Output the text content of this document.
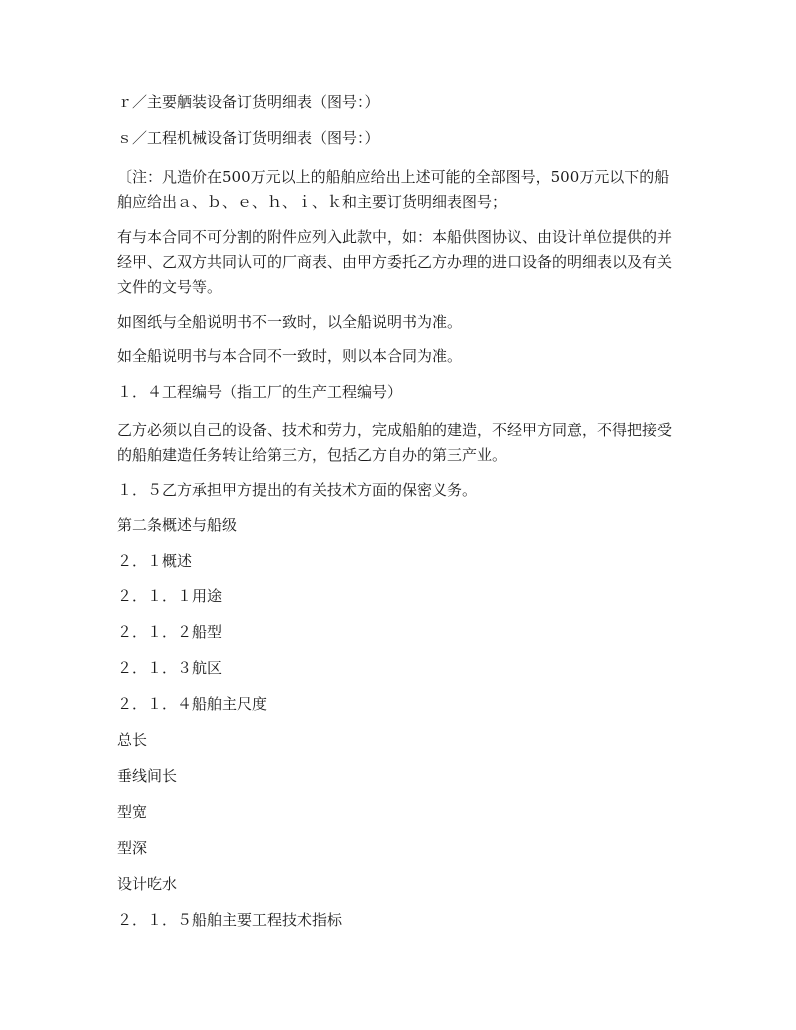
ｒ／主要舾装设备订货明细表（图号：）

ｓ／工程机械设备订货明细表（图号：）

〔注：凡造价在500万元以上的船舶应给出上述可能的全部图号，500万元以下的船舶应给出ａ、ｂ、ｅ、ｈ、ｉ、ｋ和主要订货明细表图号；

有与本合同不可分割的附件应列入此款中，如：本船供图协议、由设计单位提供的并经甲、乙双方共同认可的厂商表、由甲方委托乙方办理的进口设备的明细表以及有关文件的文号等。

如图纸与全船说明书不一致时，以全船说明书为准。

如全船说明书与本合同不一致时，则以本合同为准。

１．４工程编号（指工厂的生产工程编号）

乙方必须以自己的设备、技术和劳力，完成船舶的建造，不经甲方同意，不得把接受的船舶建造任务转让给第三方，包括乙方自办的第三产业。

１．５乙方承担甲方提出的有关技术方面的保密义务。

第二条概述与船级

２．１概述

２．１．１用途

２．１．２船型

２．１．３航区

２．１．４船舶主尺度

总长

垂线间长

型宽

型深

设计吃水

２．１．５船舶主要工程技术指标
